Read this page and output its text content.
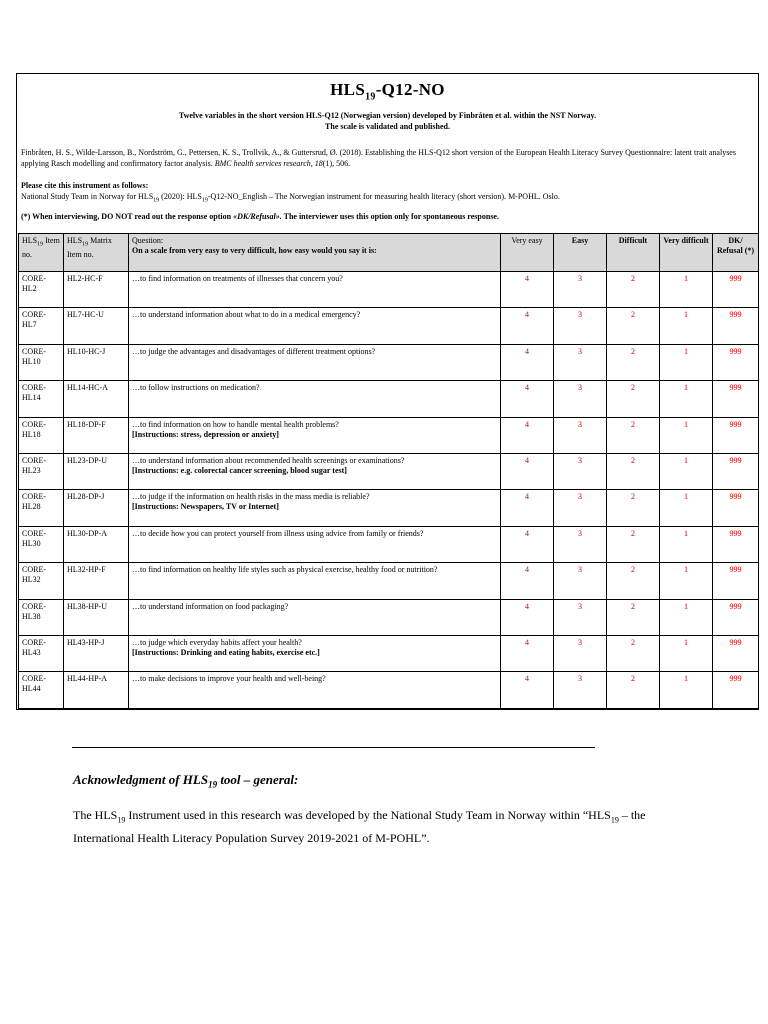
$HLS_{19}-Q12-NO$
Twelve variables in the short version HLS-Q12 (Norwegian version) developed by Finbråten et al. within the NST Norway.
The scale is validated and published.
Finbråten, H. S., Wilde-Larsson, B., Nordström, G., Pettersen, K. S., Trollvik, A., & Guttersrud, Ø. (2018). Establishing the HLS-Q12 short version of the European Health Literacy Survey Questionnaire: latent trait analyses applying Rasch modelling and confirmatory factor analysis. BMC health services research, 18(1), 506.
Please cite this instrument as follows:
National Study Team in Norway for $HLS_{19}$ (2020): $HLS_{19}-Q12-NO\_English$ – The Norwegian instrument for measuring health literacy (short version). M-POHL. Oslo.
(*) When interviewing, DO NOT read out the response option «DK/Refusal». The interviewer uses this option only for spontaneous response.
$HLS_{19}$ Item no.	$HLS_{19}$ Matrix Item no.	Question:
On a scale from very easy to very difficult, how easy would you say it is:	Very easy	Easy	Difficult	Very difficult	DK/ Refusal (*)
CORE-HL2	HL2-HC-F	…to find information on treatments of illnesses that concern you?	4	3	2	1	999
CORE-HL7	HL7-HC-U	…to understand information about what to do in a medical emergency?	4	3	2	1	999
CORE-HL10	HL10-HC-J	…to judge the advantages and disadvantages of different treatment options?	4	3	2	1	999
CORE-HL14	HL14-HC-A	…to follow instructions on medication?	4	3	2	1	999
CORE-HL18	HL18-DP-F	…to find information on how to handle mental health problems?
[Instructions: stress, depression or anxiety]	4	3	2	1	999
CORE-HL23	HL23-DP-U	…to understand information about recommended health screenings or examinations?
[Instructions: e.g. colorectal cancer screening, blood sugar test]	4	3	2	1	999
CORE-HL28	HL28-DP-J	…to judge if the information on health risks in the mass media is reliable?
[Instructions: Newspapers, TV or Internet]	4	3	2	1	999
CORE-HL30	HL30-DP-A	…to decide how you can protect yourself from illness using advice from family or friends?	4	3	2	1	999
CORE-HL32	HL32-HP-F	…to find information on healthy life styles such as physical exercise, healthy food or nutrition?	4	3	2	1	999
CORE-HL38	HL38-HP-U	…to understand information on food packaging?	4	3	2	1	999
CORE-HL43	HL43-HP-J	…to judge which everyday habits affect your health?
[Instructions: Drinking and eating habits, exercise etc.]	4	3	2	1	999
CORE-HL44	HL44-HP-A	…to make decisions to improve your health and well-being?	4	3	2	1	999
Acknowledgment of $HLS_{19}$ tool – general:
The $HLS_{19}$ Instrument used in this research was developed by the National Study Team in Norway within “$HLS_{19}$ – the International Health Literacy Population Survey 2019-2021 of M-POHL”.
